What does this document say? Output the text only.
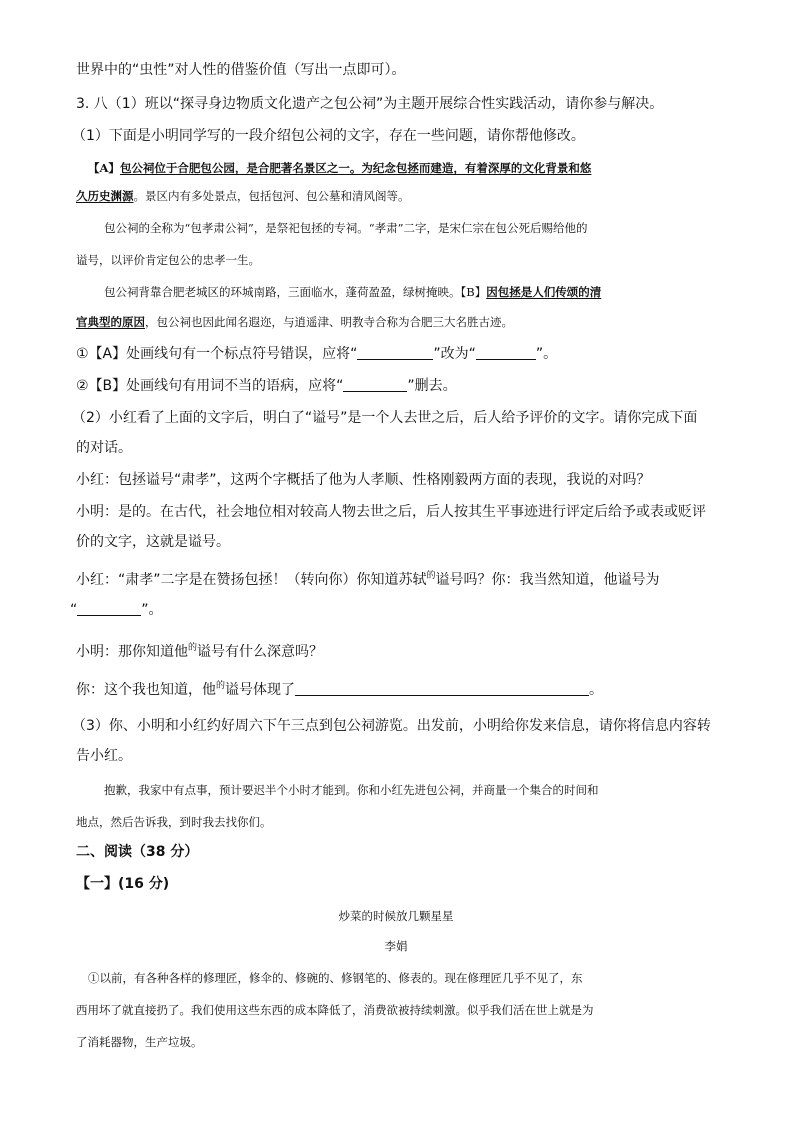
世界中的“虫性”对人性的借鉴价值（写出一点即可）。
3. 八（1）班以“探寻身边物质文化遗产之包公祠”为主题开展综合性实践活动，请你参与解决。
（1）下面是小明同学写的一段介绍包公祠的文字，存在一些问题，请你帮他修改。
【A】包公祠位于合肥包公园，是合肥著名景区之一。为纪念包拯而建造，有着深厚的文化背景和悠
久历史渊源。景区内有多处景点，包括包河、包公墓和清风阁等。
包公祠的全称为“包孝肃公祠”，是祭祀包拯的专祠。“孝肃”二字，是宋仁宗在包公死后赐给他的
谥号，以评价肯定包公的忠孝一生。
包公祠背靠合肥老城区的环城南路，三面临水，蓬荷盈盈，绿树掩映。【B】因包拯是人们传颂的清
官典型的原因，包公祠也因此闻名遐迩，与逍遥津、明教寺合称为合肥三大名胜古迹。
①【A】处画线句有一个标点符号错误，应将“	”改为“	”。
②【B】处画线句有用词不当的语病，应将“	”删去。
（2）小红看了上面的文字后，明白了“谥号”是一个人去世之后，后人给予评价的文字。请你完成下面
的对话。
小红：包拯谥号“肃孝”，这两个字概括了他为人孝顺、性格刚毅两方面的表现，我说的对吗？
小明：是的。在古代，社会地位相对较高人物去世之后，后人按其生平事迹进行评定后给予或表或贬评
价的文字，这就是谥号。
小红：“肃孝”二字是在赞扬包拯！（转向你）你知道苏轼$^的$谥号吗？你：我当然知道，他谥号为
“	”。
小明：那你知道他$^的$谥号有什么深意吗？
你：这个我也知道，他$^的$谥号体现了	。
（3）你、小明和小红约好周六下午三点到包公祠游览。出发前，小明给你发来信息，请你将信息内容转
告小红。
抱歉，我家中有点事，预计要迟半个小时才能到。你和小红先进包公祠，并商量一个集合的时间和
地点，然后告诉我，到时我去找你们。
二、阅读（38 分）
【一】(16 分)
炒菜的时候放几颗星星
李娟
①以前，有各种各样的修理匠，修伞的、修碗的、修钢笔的、修表的。现在修理匠几乎不见了，东
西用坏了就直接扔了。我们使用这些东西的成本降低了，消费欲被持续刺激。似乎我们活在世上就是为
了消耗器物，生产垃圾。
